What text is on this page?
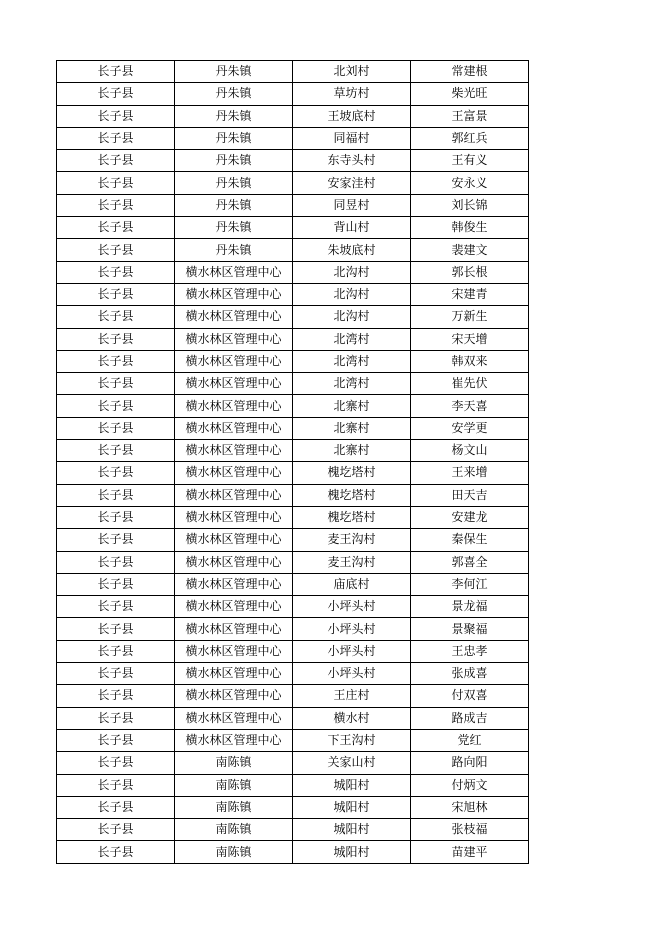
长子县	丹朱镇	北刘村	常建根
长子县	丹朱镇	草坊村	柴光旺
长子县	丹朱镇	王坡底村	王富景
长子县	丹朱镇	同福村	郭红兵
长子县	丹朱镇	东寺头村	王有义
长子县	丹朱镇	安家洼村	安永义
长子县	丹朱镇	同昱村	刘长锦
长子县	丹朱镇	背山村	韩俊生
长子县	丹朱镇	朱坡底村	裴建文
长子县	横水林区管理中心	北沟村	郭长根
长子县	横水林区管理中心	北沟村	宋建青
长子县	横水林区管理中心	北沟村	万新生
长子县	横水林区管理中心	北湾村	宋天增
长子县	横水林区管理中心	北湾村	韩双来
长子县	横水林区管理中心	北湾村	崔先伏
长子县	横水林区管理中心	北寨村	李天喜
长子县	横水林区管理中心	北寨村	安学更
长子县	横水林区管理中心	北寨村	杨文山
长子县	横水林区管理中心	槐圪塔村	王来增
长子县	横水林区管理中心	槐圪塔村	田天吉
长子县	横水林区管理中心	槐圪塔村	安建龙
长子县	横水林区管理中心	麦王沟村	秦保生
长子县	横水林区管理中心	麦王沟村	郭喜全
长子县	横水林区管理中心	庙底村	李何江
长子县	横水林区管理中心	小坪头村	景龙福
长子县	横水林区管理中心	小坪头村	景聚福
长子县	横水林区管理中心	小坪头村	王忠孝
长子县	横水林区管理中心	小坪头村	张成喜
长子县	横水林区管理中心	王庄村	付双喜
长子县	横水林区管理中心	横水村	路成吉
长子县	横水林区管理中心	下王沟村	党红
长子县	南陈镇	关家山村	路向阳
长子县	南陈镇	城阳村	付炳文
长子县	南陈镇	城阳村	宋旭林
长子县	南陈镇	城阳村	张枝福
长子县	南陈镇	城阳村	苗建平
